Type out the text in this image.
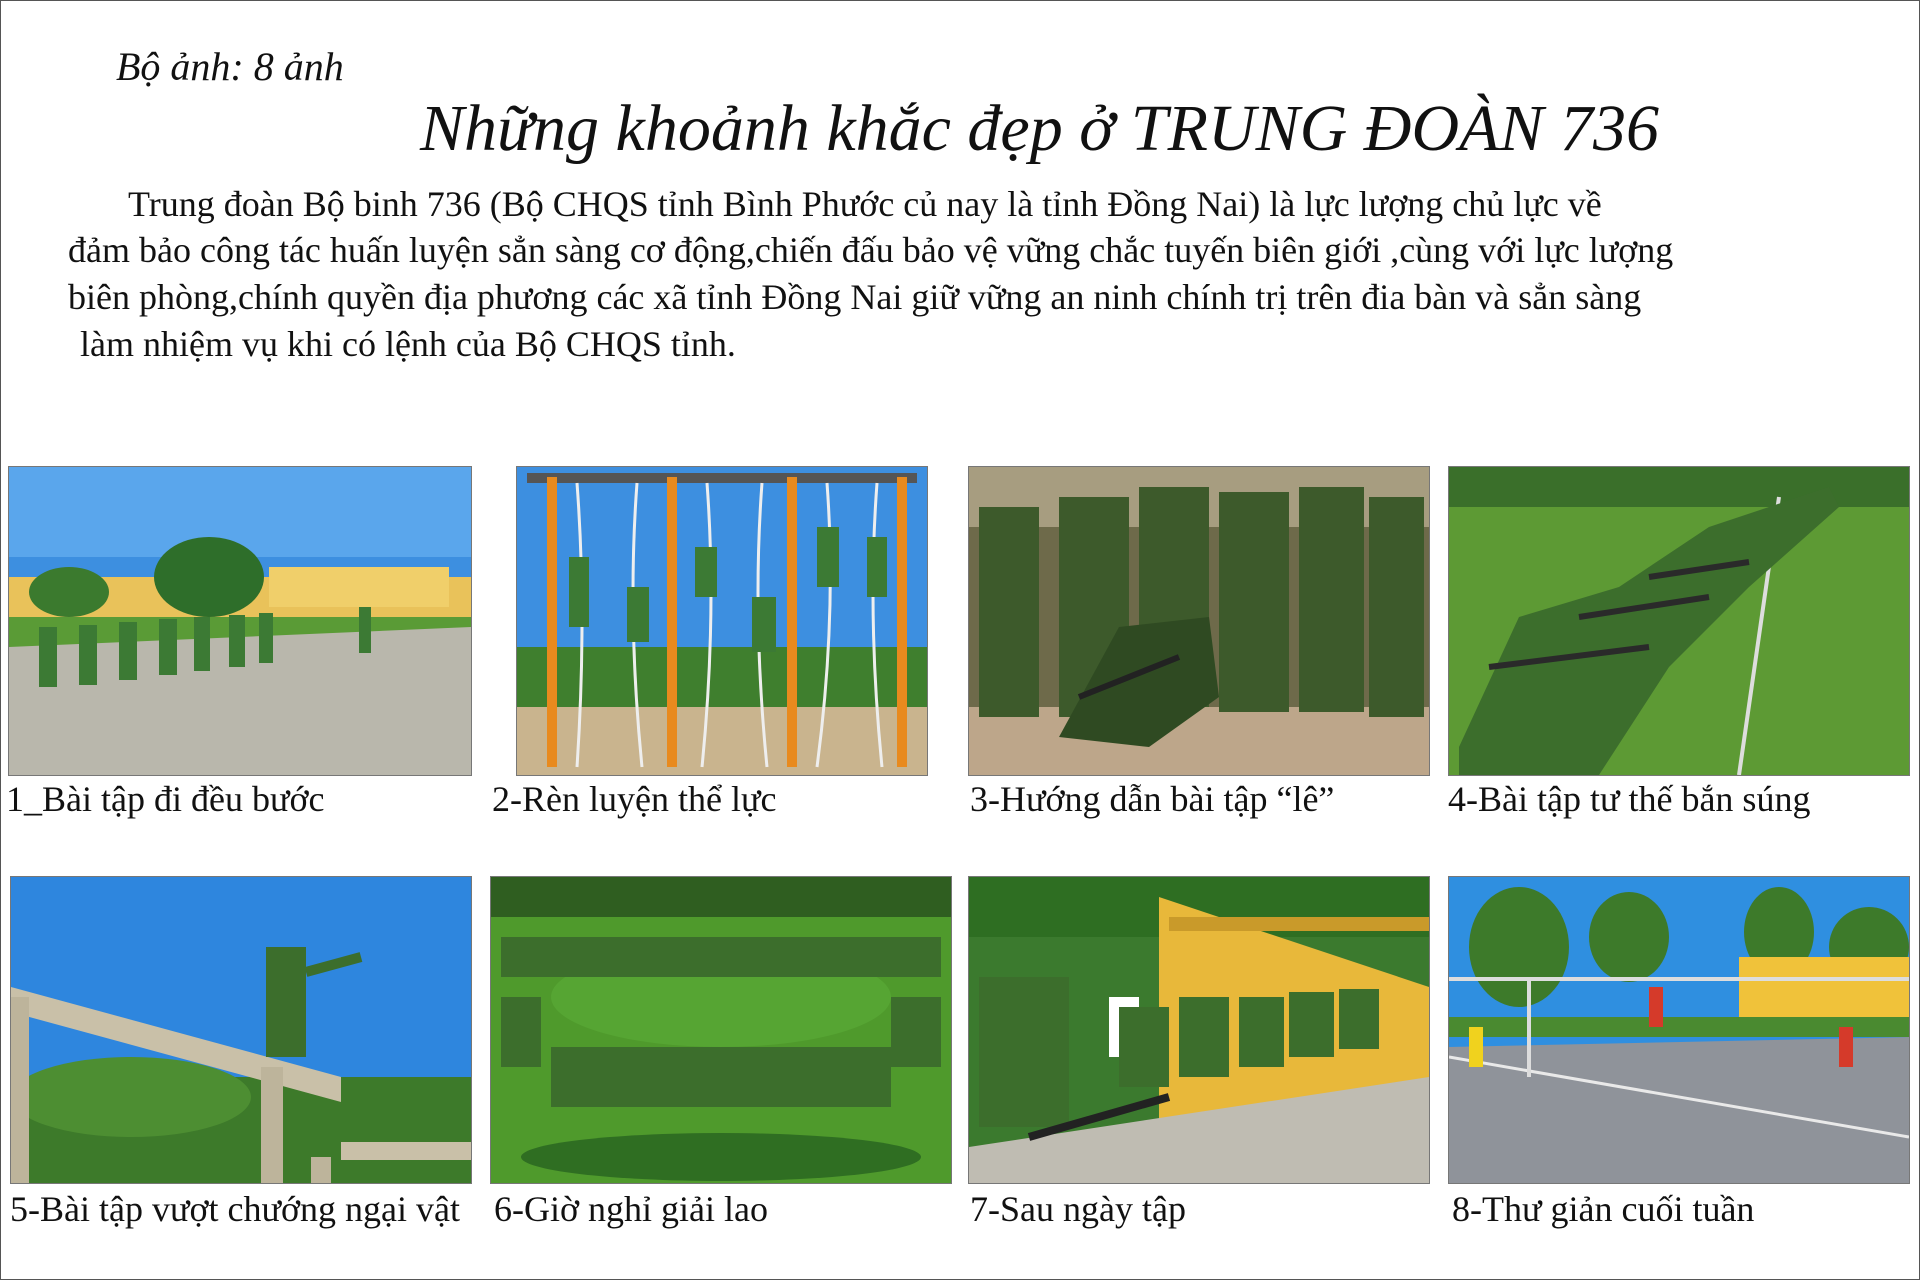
Bộ ảnh: 8 ảnh
Những khoảnh khắc đẹp ở TRUNG ĐOÀN 736
Trung đoàn Bộ binh 736 (Bộ CHQS tỉnh Bình Phước củ nay là tỉnh Đồng Nai) là lực lượng chủ lực về
đảm bảo công tác huấn luyện sẳn sàng cơ động,chiến đấu bảo vệ vững chắc tuyến biên giới ,cùng với lực lượng
biên phòng,chính quyền địa phương các xã tỉnh Đồng Nai giữ vững an ninh chính trị trên đia bàn và sẳn sàng
làm nhiệm vụ khi có lệnh của Bộ CHQS tỉnh.
1_Bài tập đi đều bước	2-Rèn luyện thể lực	3-Hướng dẫn bài tập “lê”	4-Bài tập tư thế bắn súng
5-Bài tập vượt chướng ngại vật 6-Giờ nghỉ giải lao	7-Sau ngày tập	8-Thư giản cuối tuần
